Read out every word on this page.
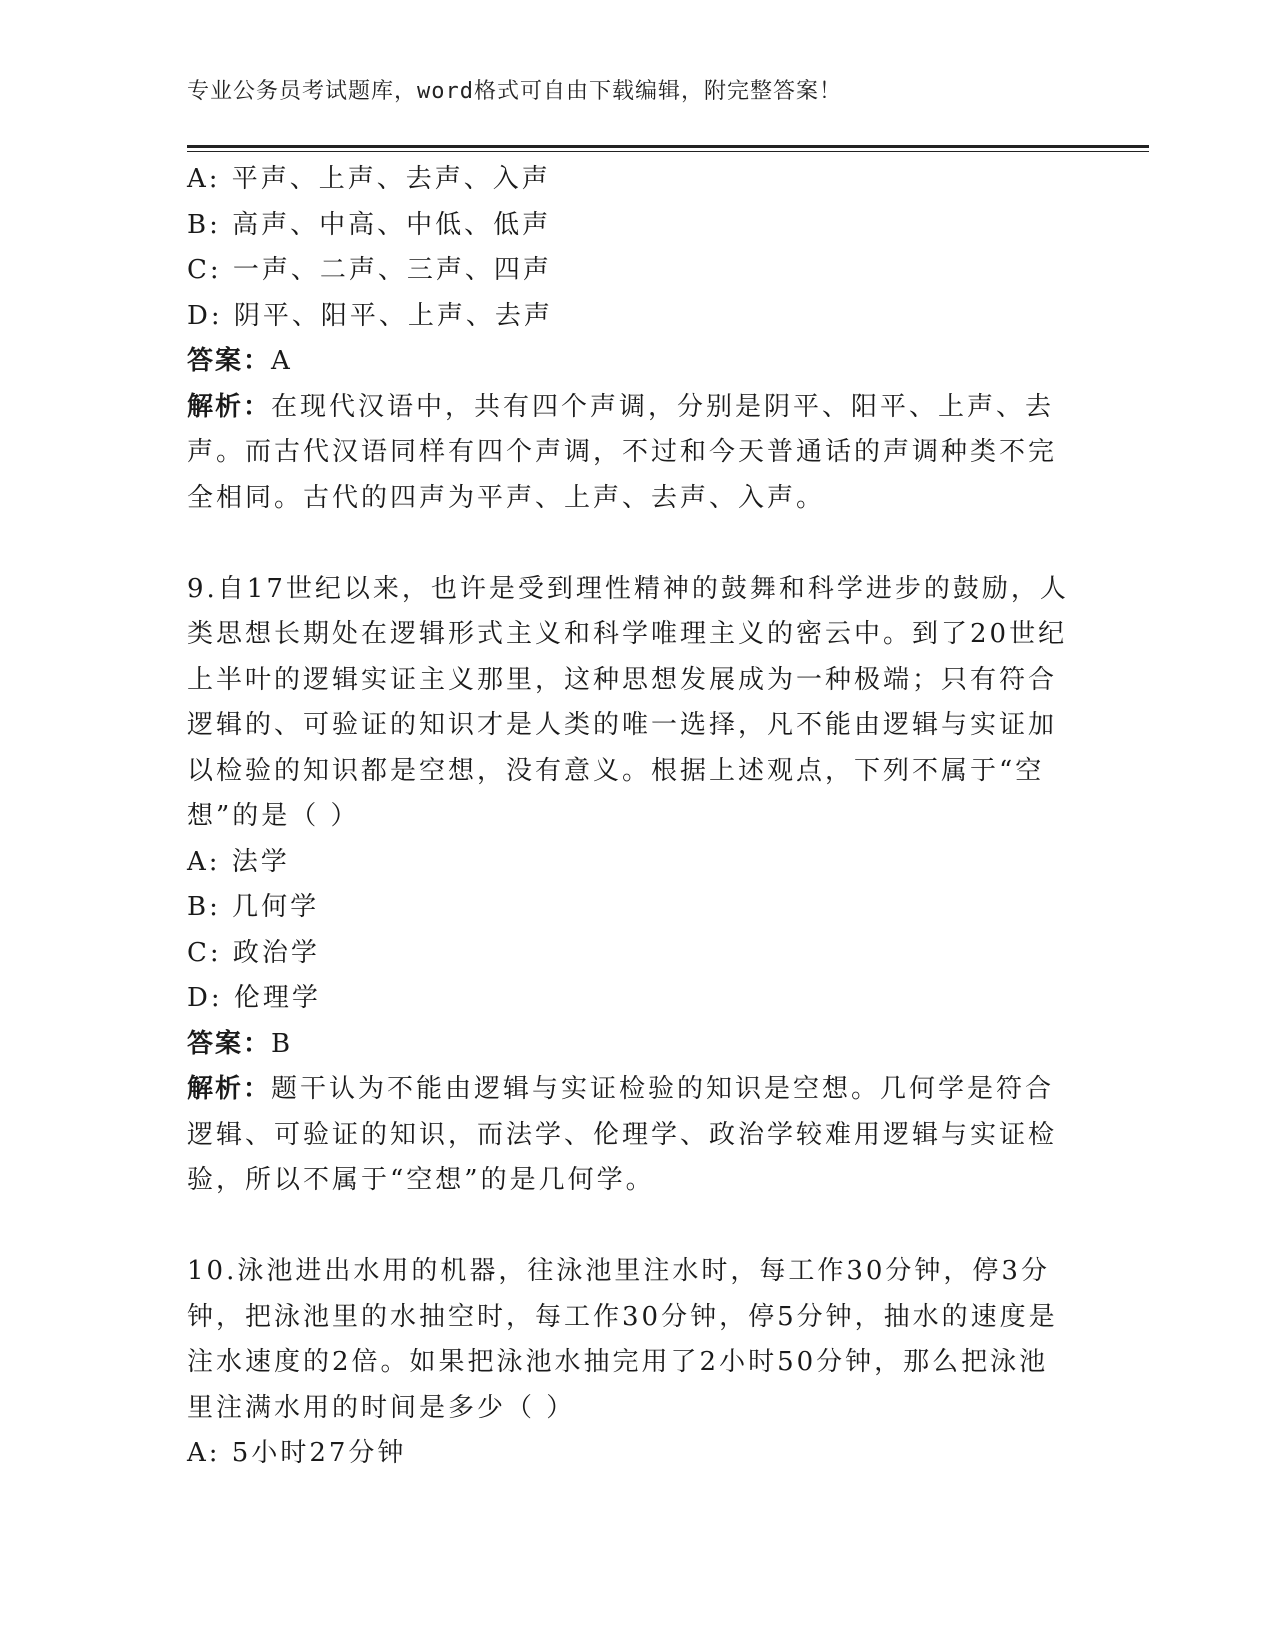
专业公务员考试题库，word格式可自由下载编辑，附完整答案！
A: 平声、上声、去声、入声
B: 高声、中高、中低、低声
C: 一声、二声、三声、四声
D: 阴平、阳平、上声、去声
答案：A
解析：在现代汉语中，共有四个声调，分别是阴平、阳平、上声、去
声。而古代汉语同样有四个声调，不过和今天普通话的声调种类不完
全相同。古代的四声为平声、上声、去声、入声。
9.自17世纪以来，也许是受到理性精神的鼓舞和科学进步的鼓励，人
类思想长期处在逻辑形式主义和科学唯理主义的密云中。到了20世纪
上半叶的逻辑实证主义那里，这种思想发展成为一种极端；只有符合
逻辑的、可验证的知识才是人类的唯一选择，凡不能由逻辑与实证加
以检验的知识都是空想，没有意义。根据上述观点，下列不属于“空
想”的是（ ）
A: 法学
B: 几何学
C: 政治学
D: 伦理学
答案：B
解析：题干认为不能由逻辑与实证检验的知识是空想。几何学是符合
逻辑、可验证的知识，而法学、伦理学、政治学较难用逻辑与实证检
验，所以不属于“空想”的是几何学。
10.泳池进出水用的机器，往泳池里注水时，每工作30分钟，停3分
钟，把泳池里的水抽空时，每工作30分钟，停5分钟，抽水的速度是
注水速度的2倍。如果把泳池水抽完用了2小时50分钟，那么把泳池
里注满水用的时间是多少（ ）
A: 5小时27分钟
